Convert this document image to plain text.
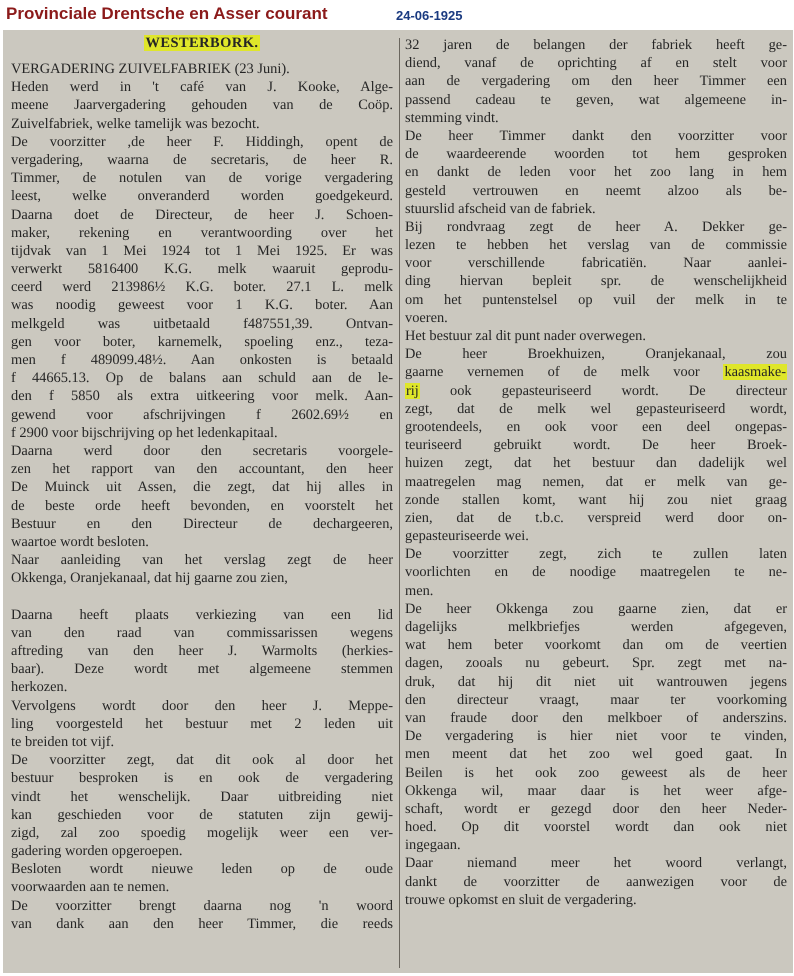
Provinciale Drentsche en Asser courant	24-06-1925
WESTERBORK.
VERGADERING ZUIVELFABRIEK (23 Juni).
Heden werd in 't café van J. Kooke, Alge-
meene Jaarvergadering gehouden van de Coöp.
Zuivelfabriek, welke tamelijk was bezocht.
De voorzitter ,de heer F. Hiddingh, opent de
vergadering, waarna de secretaris, de heer R.
Timmer, de notulen van de vorige vergadering
leest, welke onveranderd worden goedgekeurd.
Daarna doet de Directeur, de heer J. Schoen-
maker, rekening en verantwoording over het
tijdvak van 1 Mei 1924 tot 1 Mei 1925. Er was
verwerkt 5816400 K.G. melk waaruit geprodu-
ceerd werd 213986½ K.G. boter. 27.1 L. melk
was noodig geweest voor 1 K.G. boter. Aan
melkgeld was uitbetaald f487551,39. Ontvan-
gen voor boter, karnemelk, spoeling enz., teza-
men f 489099.48½. Aan onkosten is betaald
f 44665.13. Op de balans aan schuld aan de le-
den f 5850 als extra uitkeering voor melk. Aan-
gewend voor afschrijvingen f 2602.69½ en
f 2900 voor bijschrijving op het ledenkapitaal.
Daarna werd door den secretaris voorgele-
zen het rapport van den accountant, den heer
De Muinck uit Assen, die zegt, dat hij alles in
de beste orde heeft bevonden, en voorstelt het
Bestuur en den Directeur de dechargeeren,
waartoe wordt besloten.
Naar aanleiding van het verslag zegt de heer
Okkenga, Oranjekanaal, dat hij gaarne zou zien,
Daarna heeft plaats verkiezing van een lid
van den raad van commissarissen wegens
aftreding van den heer J. Warmolts (herkies-
baar). Deze wordt met algemeene stemmen
herkozen.
Vervolgens wordt door den heer J. Meppe-
ling voorgesteld het bestuur met 2 leden uit
te breiden tot vijf.
De voorzitter zegt, dat dit ook al door het
bestuur besproken is en ook de vergadering
vindt het wenschelijk. Daar uitbreiding niet
kan geschieden voor de statuten zijn gewij-
zigd, zal zoo spoedig mogelijk weer een ver-
gadering worden opgeroepen.
Besloten wordt nieuwe leden op de oude
voorwaarden aan te nemen.
De voorzitter brengt daarna nog 'n woord
van dank aan den heer Timmer, die reeds
32 jaren de belangen der fabriek heeft ge-
diend, vanaf de oprichting af en stelt voor
aan de vergadering om den heer Timmer een
passend cadeau te geven, wat algemeene in-
stemming vindt.
De heer Timmer dankt den voorzitter voor
de waardeerende woorden tot hem gesproken
en dankt de leden voor het zoo lang in hem
gesteld vertrouwen en neemt alzoo als be-
stuurslid afscheid van de fabriek.
Bij rondvraag zegt de heer A. Dekker ge-
lezen te hebben het verslag van de commissie
voor verschillende fabricatiën. Naar aanlei-
ding hiervan bepleit spr. de wenschelijkheid
om het puntenstelsel op vuil der melk in te
voeren.
Het bestuur zal dit punt nader overwegen.
De heer Broekhuizen, Oranjekanaal, zou
gaarne vernemen of de melk voor kaasmake-
rij ook gepasteuriseerd wordt. De directeur
zegt, dat de melk wel gepasteuriseerd wordt,
grootendeels, en ook voor een deel ongepas-
teuriseerd gebruikt wordt. De heer Broek-
huizen zegt, dat het bestuur dan dadelijk wel
maatregelen mag nemen, dat er melk van ge-
zonde stallen komt, want hij zou niet graag
zien, dat de t.b.c. verspreid werd door on-
gepasteuriseerde wei.
De voorzitter zegt, zich te zullen laten
voorlichten en de noodige maatregelen te ne-
men.
De heer Okkenga zou gaarne zien, dat er
dagelijks melkbriefjes werden afgegeven,
wat hem beter voorkomt dan om de veertien
dagen, zooals nu gebeurt. Spr. zegt met na-
druk, dat hij dit niet uit wantrouwen jegens
den directeur vraagt, maar ter voorkoming
van fraude door den melkboer of anderszins.
De vergadering is hier niet voor te vinden,
men meent dat het zoo wel goed gaat. In
Beilen is het ook zoo geweest als de heer
Okkenga wil, maar daar is het weer afge-
schaft, wordt er gezegd door den heer Neder-
hoed. Op dit voorstel wordt dan ook niet
ingegaan.
Daar niemand meer het woord verlangt,
dankt de voorzitter de aanwezigen voor de
trouwe opkomst en sluit de vergadering.
